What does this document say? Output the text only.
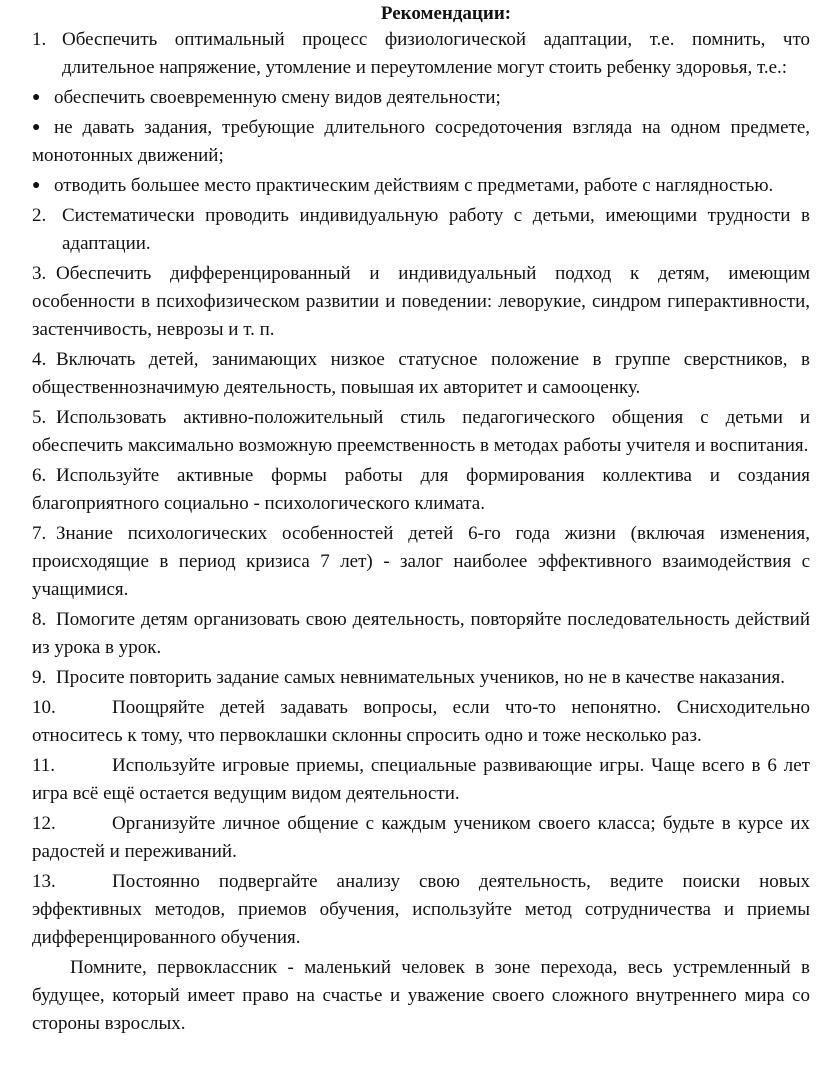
Рекомендации:

1. Обеспечить оптимальный процесс физиологической адаптации, т.е. помнить, что длительное напряжение, утомление и переутомление могут стоить ребенку здоровья, т.е.:

● обеспечить своевременную смену видов деятельности;

● не давать задания, требующие длительного сосредоточения взгляда на одном предмете, монотонных движений;

● отводить большее место практическим действиям с предметами, работе с наглядностью.

2. Систематически проводить индивидуальную работу с детьми, имеющими трудности в адаптации.

3. Обеспечить дифференцированный и индивидуальный подход к детям, имеющим особенности в психофизическом развитии и поведении: леворукие, синдром гиперактивности, застенчивость, неврозы и т. п.

4. Включать детей, занимающих низкое статусное положение в группе сверстников, в общественнозначимую деятельность, повышая их авторитет и самооценку.

5. Использовать активно-положительный стиль педагогического общения с детьми и обеспечить максимально возможную преемственность в методах работы учителя и воспитания.

6. Используйте активные формы работы для формирования коллектива и создания благоприятного социально - психологического климата.

7. Знание психологических особенностей детей 6-го года жизни (включая изменения, происходящие в период кризиса 7 лет) - залог наиболее эффективного взаимодействия с учащимися.

8. Помогите детям организовать свою деятельность, повторяйте последовательность действий из урока в урок.

9. Просите повторить задание самых невнимательных учеников, но не в качестве наказания.

10.	Поощряйте детей задавать вопросы, если что-то непонятно. Снисходительно относитесь к тому, что первоклашки склонны спросить одно и тоже несколько раз.

11.	Используйте игровые приемы, специальные развивающие игры. Чаще всего в 6 лет игра всё ещё остается ведущим видом деятельности.

12.	Организуйте личное общение с каждым учеником своего класса; будьте в курсе их радостей и переживаний.

13.	Постоянно подвергайте анализу свою деятельность, ведите поиски новых эффективных методов, приемов обучения, используйте метод сотрудничества и приемы дифференцированного обучения.

Помните, первоклассник - маленький человек в зоне перехода, весь устремленный в будущее, который имеет право на счастье и уважение своего сложного внутреннего мира со стороны взрослых.
